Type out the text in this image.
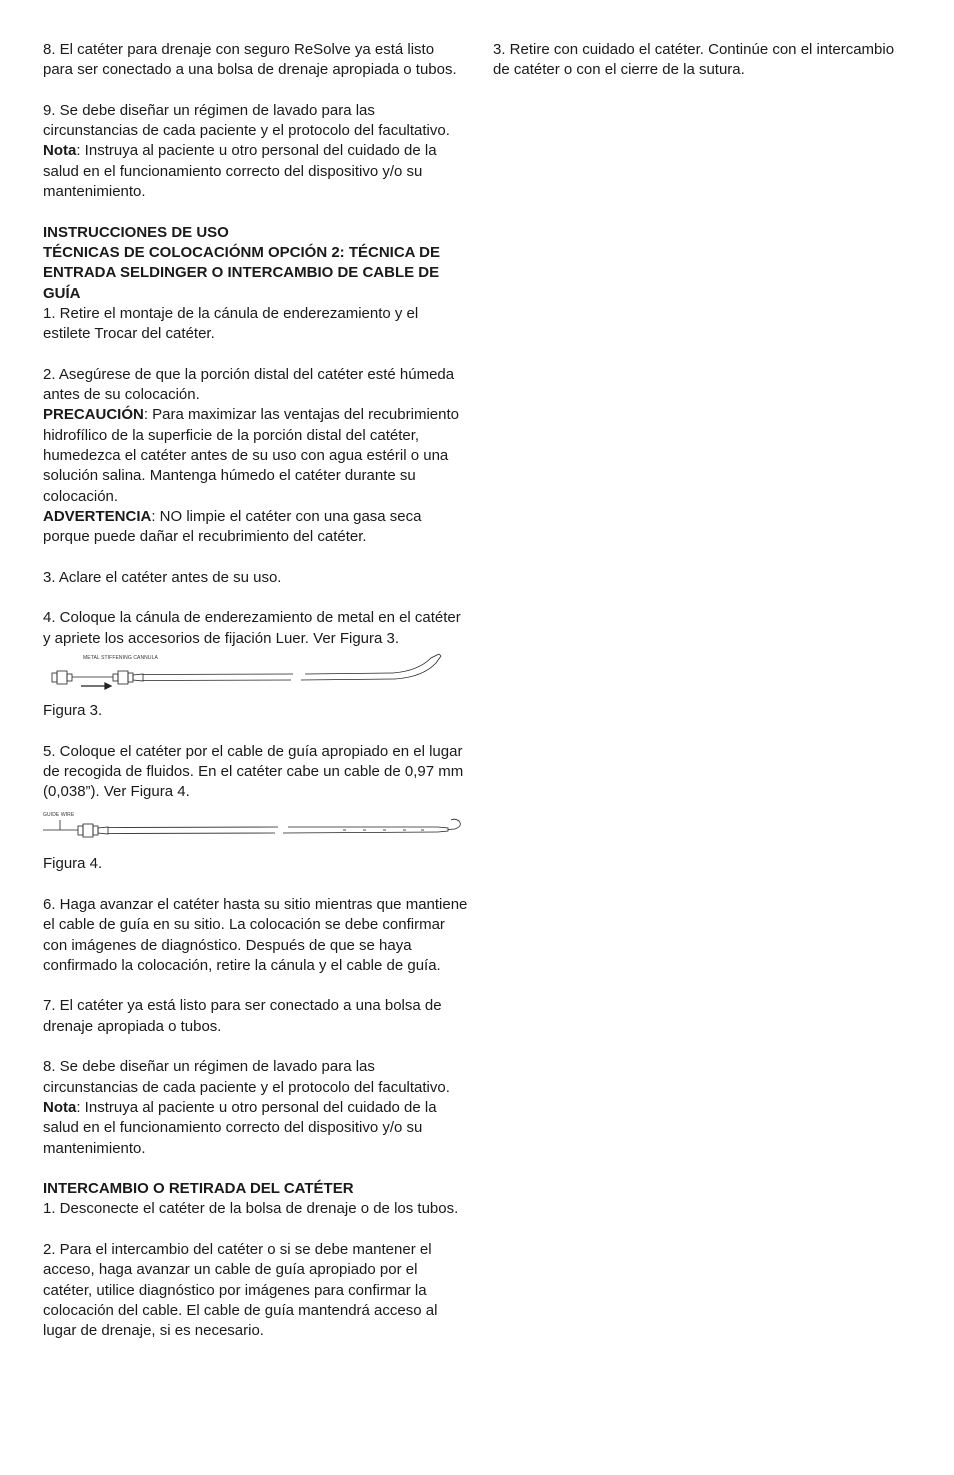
8. El catéter para drenaje con seguro ReSolve ya está listo para ser conectado a una bolsa de drenaje apropiada o tubos.

9. Se debe diseñar un régimen de lavado para las circunstancias de cada paciente y el protocolo del facultativo.
Nota: Instruya al paciente u otro personal del cuidado de la salud en el funcionamiento correcto del dispositivo y/o su mantenimiento.

INSTRUCCIONES DE USO

TÉCNICAS DE COLOCACIÓNM OPCIÓN 2: TÉCNICA DE ENTRADA SELDINGER O INTERCAMBIO DE CABLE DE GUÍA

1. Retire el montaje de la cánula de enderezamiento y el estilete Trocar del catéter.

2. Asegúrese de que la porción distal del catéter esté húmeda antes de su colocación.
PRECAUCIÓN: Para maximizar las ventajas del recubrimiento hidrofílico de la superficie de la porción distal del catéter, humedezca el catéter antes de su uso con agua estéril o una solución salina. Mantenga húmedo el catéter durante su colocación.
ADVERTENCIA: NO limpie el catéter con una gasa seca porque puede dañar el recubrimiento del catéter.

3. Aclare el catéter antes de su uso.

4. Coloque la cánula de enderezamiento de metal en el catéter y apriete los accesorios de fijación Luer. Ver Figura 3.

METAL STIFFENING CANNULA

Figura 3.

5. Coloque el catéter por el cable de guía apropiado en el lugar de recogida de fluidos. En el catéter cabe un cable de 0,97 mm (0,038”). Ver Figura 4.

GUIDE WIRE

Figura 4.

6. Haga avanzar el catéter hasta su sitio mientras que mantiene el cable de guía en su sitio. La colocación se debe confirmar con imágenes de diagnóstico. Después de que se haya confirmado la colocación, retire la cánula y el cable de guía.

7. El catéter ya está listo para ser conectado a una bolsa de drenaje apropiada o tubos.

8. Se debe diseñar un régimen de lavado para las circunstancias de cada paciente y el protocolo del facultativo.
Nota: Instruya al paciente u otro personal del cuidado de la salud en el funcionamiento correcto del dispositivo y/o su mantenimiento.

INTERCAMBIO O RETIRADA DEL CATÉTER

1. Desconecte el catéter de la bolsa de drenaje o de los tubos.

2. Para el intercambio del catéter o si se debe mantener el acceso, haga avanzar un cable de guía apropiado por el catéter, utilice diagnóstico por imágenes para confirmar la colocación del cable. El cable de guía mantendrá acceso al lugar de drenaje, si es necesario.

3. Retire con cuidado el catéter. Continúe con el intercambio de catéter o con el cierre de la sutura.
